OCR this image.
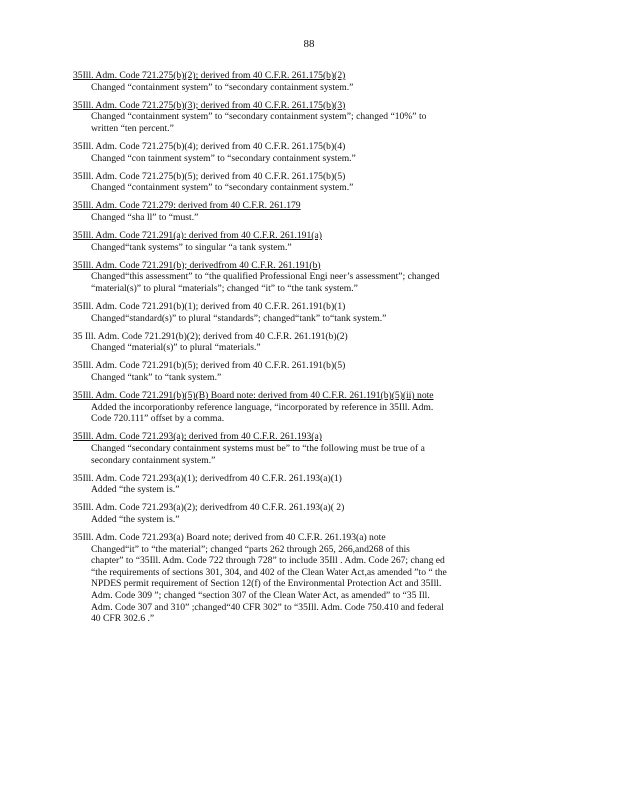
88
35Ill. Adm. Code 721.275(b)(2); derived from 40 C.F.R. 261.175(b)(2)
Changed “containment system” to “secondary containment system.”
35Ill. Adm. Code 721.275(b)(3); derived from 40 C.F.R. 261.175(b)(3)
Changed “containment system” to “secondary containment system”; changed “10%” to
written “ten percent.”
35Ill. Adm. Code 721.275(b)(4); derived from 40 C.F.R. 261.175(b)(4)
Changed “con tainment system” to “secondary containment system.”
35Ill. Adm. Code 721.275(b)(5); derived from 40 C.F.R. 261.175(b)(5)
Changed “containment system” to “secondary containment system.”
35Ill. Adm. Code 721.279: derived from 40 C.F.R. 261.179
Changed “sha ll” to “must.”
35Ill. Adm. Code 721.291(a): derived from 40 C.F.R. 261.191(a)
Changed“tank systems” to singular “a tank system.”
35Ill. Adm. Code 721.291(b); derivedfrom 40 C.F.R. 261.191(b)
Changed“this assessment” to “the qualified Professional Engi neer’s assessment”; changed
“material(s)” to plural “materials”; changed “it” to “the tank system.”
35Ill. Adm. Code 721.291(b)(1); derived from 40 C.F.R. 261.191(b)(1)
Changed“standard(s)” to plural “standards”; changed“tank” to“tank system.”
35 Ill. Adm. Code 721.291(b)(2); derived from 40 C.F.R. 261.191(b)(2)
Changed “material(s)” to plural “materials.”
35Ill. Adm. Code 721.291(b)(5); derived from 40 C.F.R. 261.191(b)(5)
Changed “tank” to “tank system.”
35Ill. Adm. Code 721.291(b)(5)(B) Board note: derived from 40 C.F.R. 261.191(b)(5)(ii) note
Added the incorporationby reference language, “incorporated by reference in 35Ill. Adm.
Code 720.111” offset by a comma.
35Ill. Adm. Code 721.293(a); derived from 40 C.F.R. 261.193(a)
Changed “secondary containment systems must be” to “the following must be true of a
secondary containment system.”
35Ill. Adm. Code 721.293(a)(1); derivedfrom 40 C.F.R. 261.193(a)(1)
Added “the system is.”
35Ill. Adm. Code 721.293(a)(2); derivedfrom 40 C.F.R. 261.193(a)( 2)
Added “the system is.”
35Ill. Adm. Code 721.293(a) Board note; derived from 40 C.F.R. 261.193(a) note
Changed“it” to “the material”; changed “parts 262 through 265, 266,and268 of this
chapter” to “35Ill. Adm. Code 722 through 728” to include 35Ill . Adm. Code 267; chang ed
“the requirements of sections 301, 304, and 402 of the Clean Water Act,as amended ”to “ the
NPDES permit requirement of Section 12(f) of the Environmental Protection Act and 35Ill.
Adm. Code 309 ”; changed “section 307 of the Clean Water Act, as amended” to “35 Ill.
Adm. Code 307 and 310” ;changed“40 CFR 302” to “35Ill. Adm. Code 750.410 and federal
40 CFR 302.6 .”
